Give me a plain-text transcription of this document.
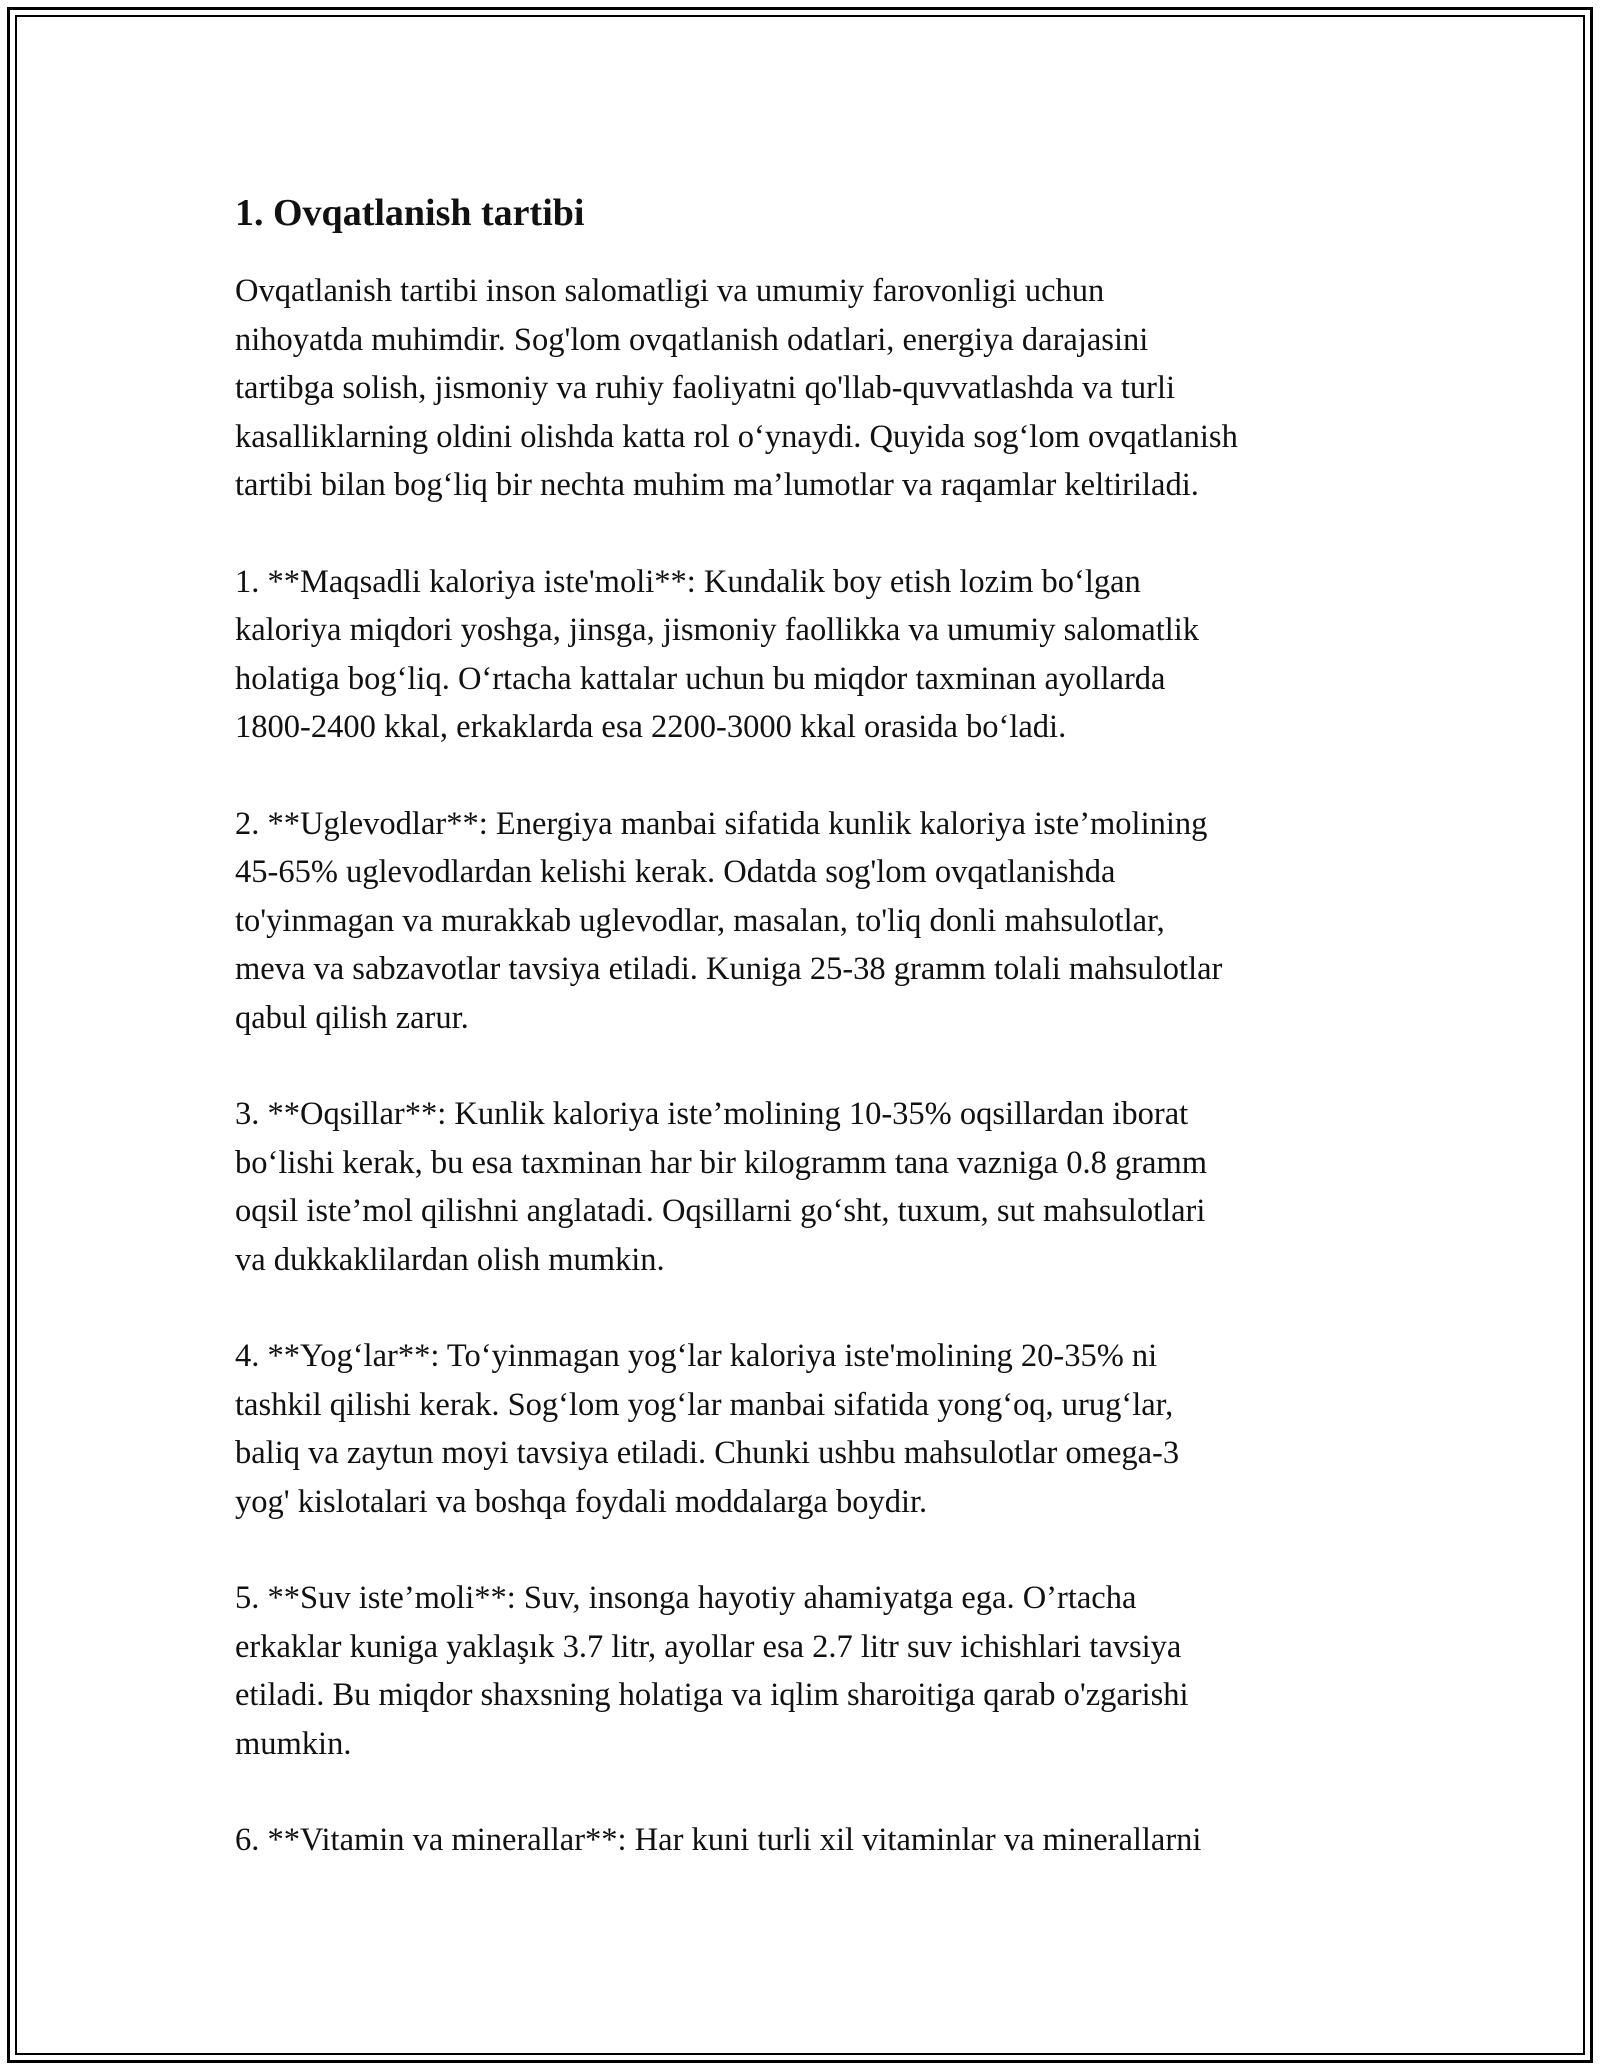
1. Ovqatlanish tartibi

Ovqatlanish tartibi inson salomatligi va umumiy farovonligi uchun
nihoyatda muhimdir. Sog'lom ovqatlanish odatlari, energiya darajasini
tartibga solish, jismoniy va ruhiy faoliyatni qo'llab-quvvatlashda va turli
kasalliklarning oldini olishda katta rol o‘ynaydi. Quyida sog‘lom ovqatlanish
tartibi bilan bog‘liq bir nechta muhim ma’lumotlar va raqamlar keltiriladi.

1. **Maqsadli kaloriya iste'moli**: Kundalik boy etish lozim bo‘lgan
kaloriya miqdori yoshga, jinsga, jismoniy faollikka va umumiy salomatlik
holatiga bog‘liq. O‘rtacha kattalar uchun bu miqdor taxminan ayollarda
1800-2400 kkal, erkaklarda esa 2200-3000 kkal orasida bo‘ladi.

2. **Uglevodlar**: Energiya manbai sifatida kunlik kaloriya iste’molining
45-65% uglevodlardan kelishi kerak. Odatda sog'lom ovqatlanishda
to'yinmagan va murakkab uglevodlar, masalan, to'liq donli mahsulotlar,
meva va sabzavotlar tavsiya etiladi. Kuniga 25-38 gramm tolali mahsulotlar
qabul qilish zarur.

3. **Oqsillar**: Kunlik kaloriya iste’molining 10-35% oqsillardan iborat
bo‘lishi kerak, bu esa taxminan har bir kilogramm tana vazniga 0.8 gramm
oqsil iste’mol qilishni anglatadi. Oqsillarni go‘sht, tuxum, sut mahsulotlari
va dukkaklilardan olish mumkin.

4. **Yog‘lar**: To‘yinmagan yog‘lar kaloriya iste'molining 20-35% ni
tashkil qilishi kerak. Sog‘lom yog‘lar manbai sifatida yong‘oq, urug‘lar,
baliq va zaytun moyi tavsiya etiladi. Chunki ushbu mahsulotlar omega-3
yog' kislotalari va boshqa foydali moddalarga boydir.

5. **Suv iste’moli**: Suv, insonga hayotiy ahamiyatga ega. O’rtacha
erkaklar kuniga yaklaşık 3.7 litr, ayollar esa 2.7 litr suv ichishlari tavsiya
etiladi. Bu miqdor shaxsning holatiga va iqlim sharoitiga qarab o'zgarishi
mumkin.

6. **Vitamin va minerallar**: Har kuni turli xil vitaminlar va minerallarni
